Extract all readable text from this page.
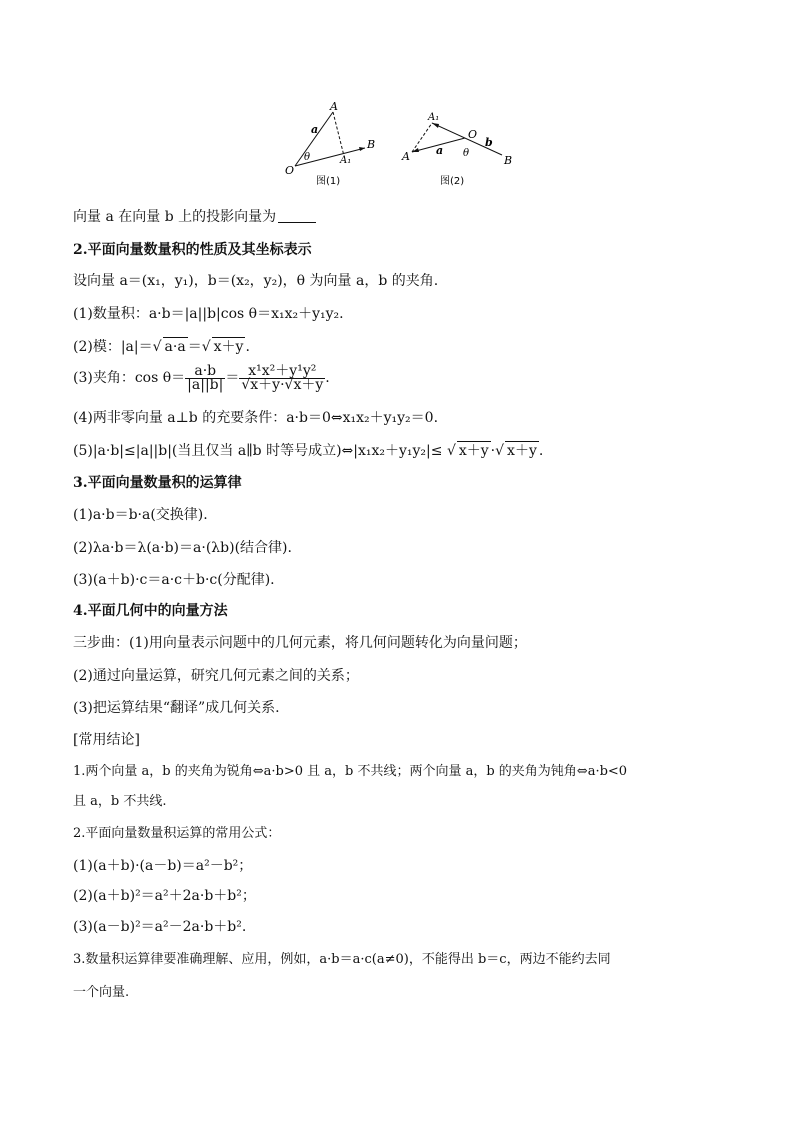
A
O
B
a
θ	A₁
图(1)
A₁
A
O
B
a
b
θ
图(2)
向量 a 在向量 b 上的投影向量为
2.平面向量数量积的性质及其坐标表示
设向量 a＝(x₁，y₁)，b＝(x₂，y₂)，θ 为向量 a，b 的夹角.
(1)数量积：a·b＝|a||b|cos θ＝x₁x₂＋y₁y₂.
(2)模：|a|＝√ a·a ＝√ x＋y .
(3)夹角：$\cos \theta= \frac{a\cdot b}{|a||b|} = \frac{\text{x¹x²＋y¹y²}}{√x+y\cdot√x+y}$ .
(4)两非零向量 a⊥b 的充要条件：a·b＝0⇔x₁x₂＋y₁y₂＝0.
(5)|a·b|≤|a||b|(当且仅当 a∥b 时等号成立)⇔|x₁x₂＋y₁y₂|≤ √ x＋y ·√ x＋y .
3.平面向量数量积的运算律
(1)a·b＝b·a(交换律).
(2)λa·b＝λ(a·b)＝a·(λb)(结合律).
(3)(a＋b)·c＝a·c＋b·c(分配律).
4.平面几何中的向量方法
三步曲：(1)用向量表示问题中的几何元素，将几何问题转化为向量问题；
(2)通过向量运算，研究几何元素之间的关系；
(3)把运算结果“翻译”成几何关系.
[常用结论]
1.两个向量 a，b 的夹角为锐角⇔a·b>0 且 a，b 不共线；两个向量 a，b 的夹角为钝角⇔a·b<0
且 a，b 不共线.
2.平面向量数量积运算的常用公式：
(1)(a＋b)·(a－b)＝a²－b²；
(2)(a＋b)²＝a²＋2a·b＋b²；
(3)(a－b)²＝a²－2a·b＋b².
3.数量积运算律要准确理解、应用，例如，a·b＝a·c(a≠0)，不能得出 b＝c，两边不能约去同
一个向量.
